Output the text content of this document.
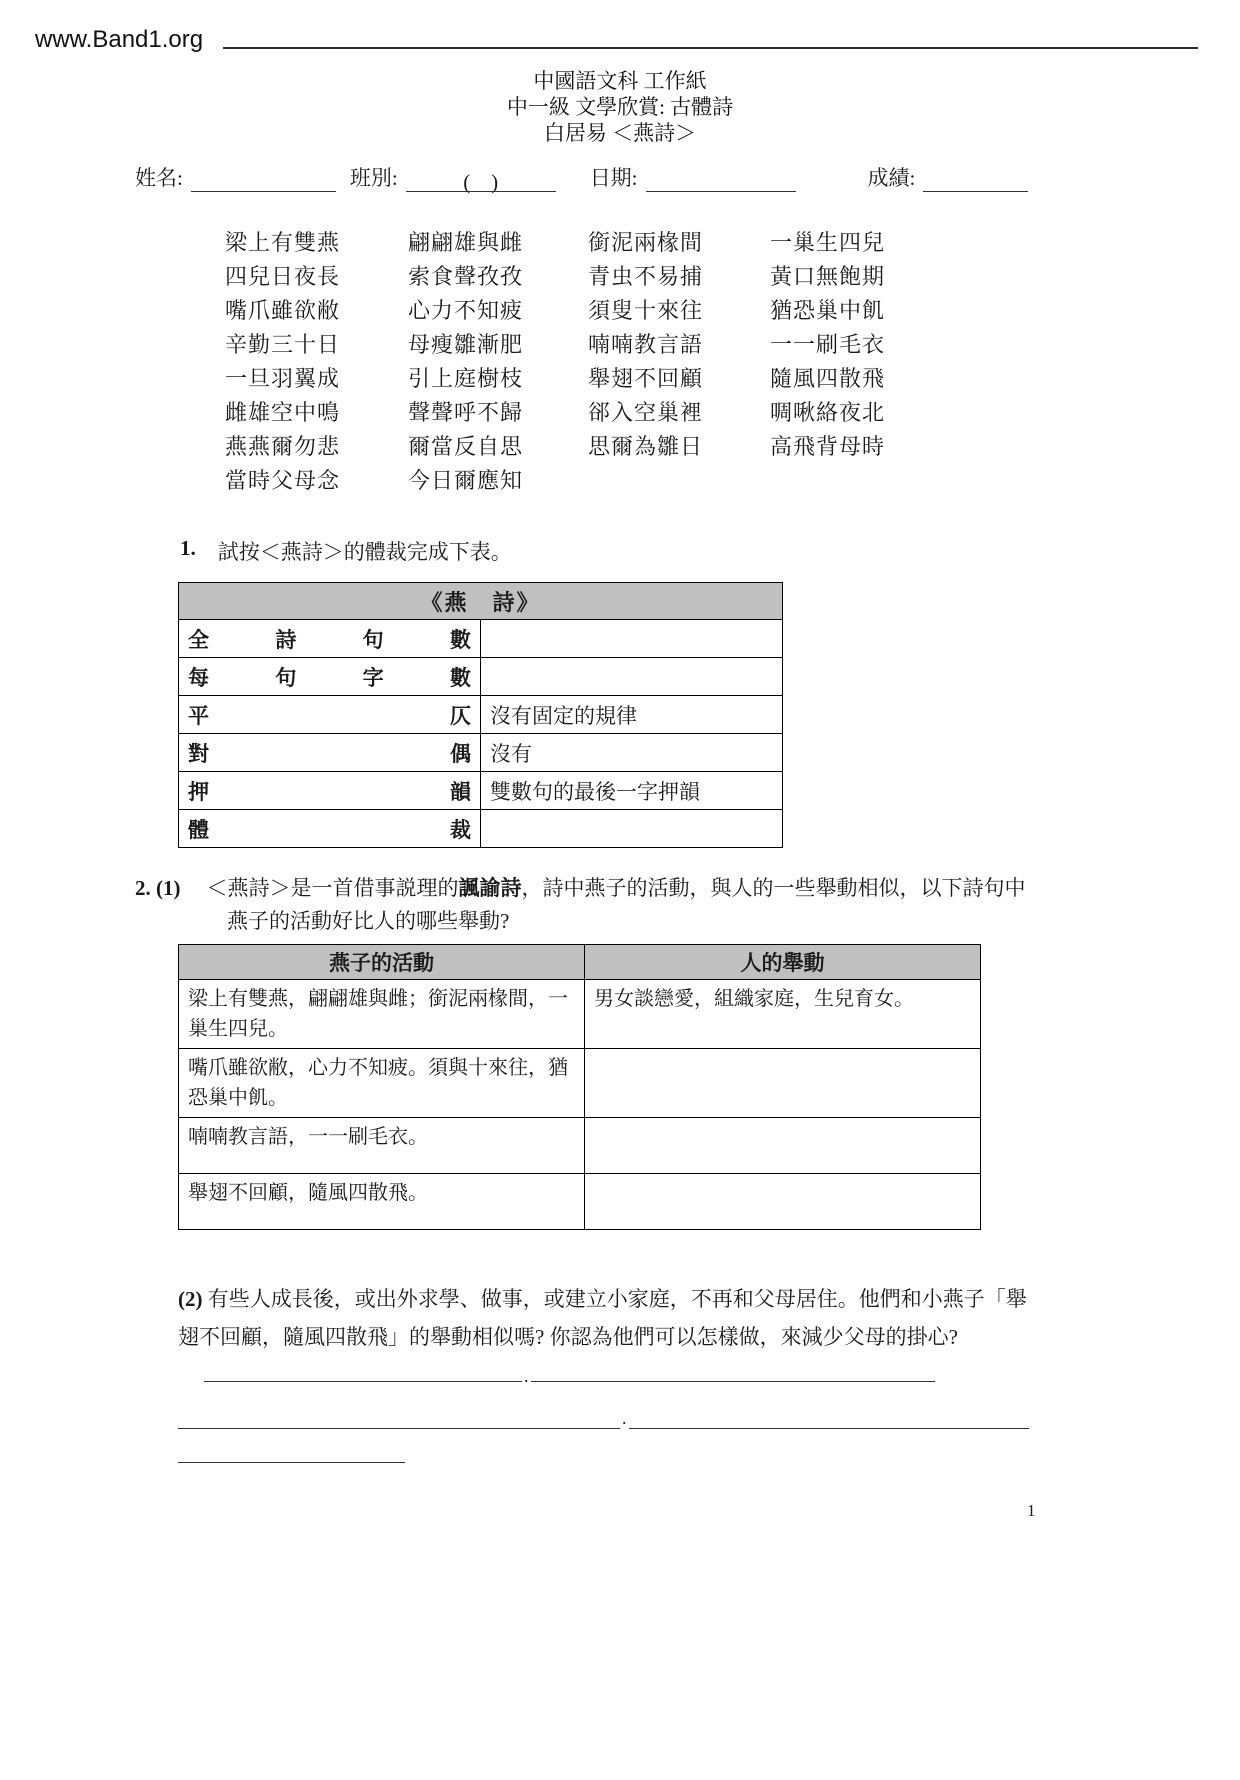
www.Band1.org
中國語文科 工作紙
中一級 文學欣賞: 古體詩
白居易 ＜燕詩＞
姓名:	班別:	(　)	日期:	成績:
梁上有雙燕	翩翩雄與雌	銜泥兩椽間	一巢生四兒
四兒日夜長	索食聲孜孜	青虫不易捕	黃口無飽期
嘴爪雖欲敝	心力不知疲	須叟十來往	猶恐巢中飢
辛勤三十日	母瘦雛漸肥	喃喃教言語	一一刷毛衣
一旦羽翼成	引上庭樹枝	舉翅不回顧	隨風四散飛
雌雄空中鳴	聲聲呼不歸	郤入空巢裡	啁啾絡夜北
燕燕爾勿悲	爾當反自思	思爾為雛日	高飛背母時
當時父母念	今日爾應知
1. 試按＜燕詩＞的體裁完成下表。
《燕　詩》	
全詩句數	
每句字數	
平仄	沒有固定的規律
對偶	沒有
押韻	雙數句的最後一字押韻
體裁	
2. (1) ＜燕詩＞是一首借事説理的諷諭詩，詩中燕子的活動，與人的一些舉動相似，以下詩句中燕子的活動好比人的哪些舉動?
燕子的活動	人的舉動
梁上有雙燕，翩翩雄與雌；銜泥兩椽間，一巢生四兒。	男女談戀愛，組織家庭，生兒育女。
嘴爪雖欲敝，心力不知疲。須與十來往，猶恐巢中飢。	
喃喃教言語，一一刷毛衣。	
舉翅不回顧，隨風四散飛。	
(2) 有些人成長後，或出外求學、做事，或建立小家庭，不再和父母居住。他們和小燕子「舉翅不回顧，隨風四散飛」的舉動相似嗎? 你認為他們可以怎樣做，來減少父母的掛心? .
.
1
